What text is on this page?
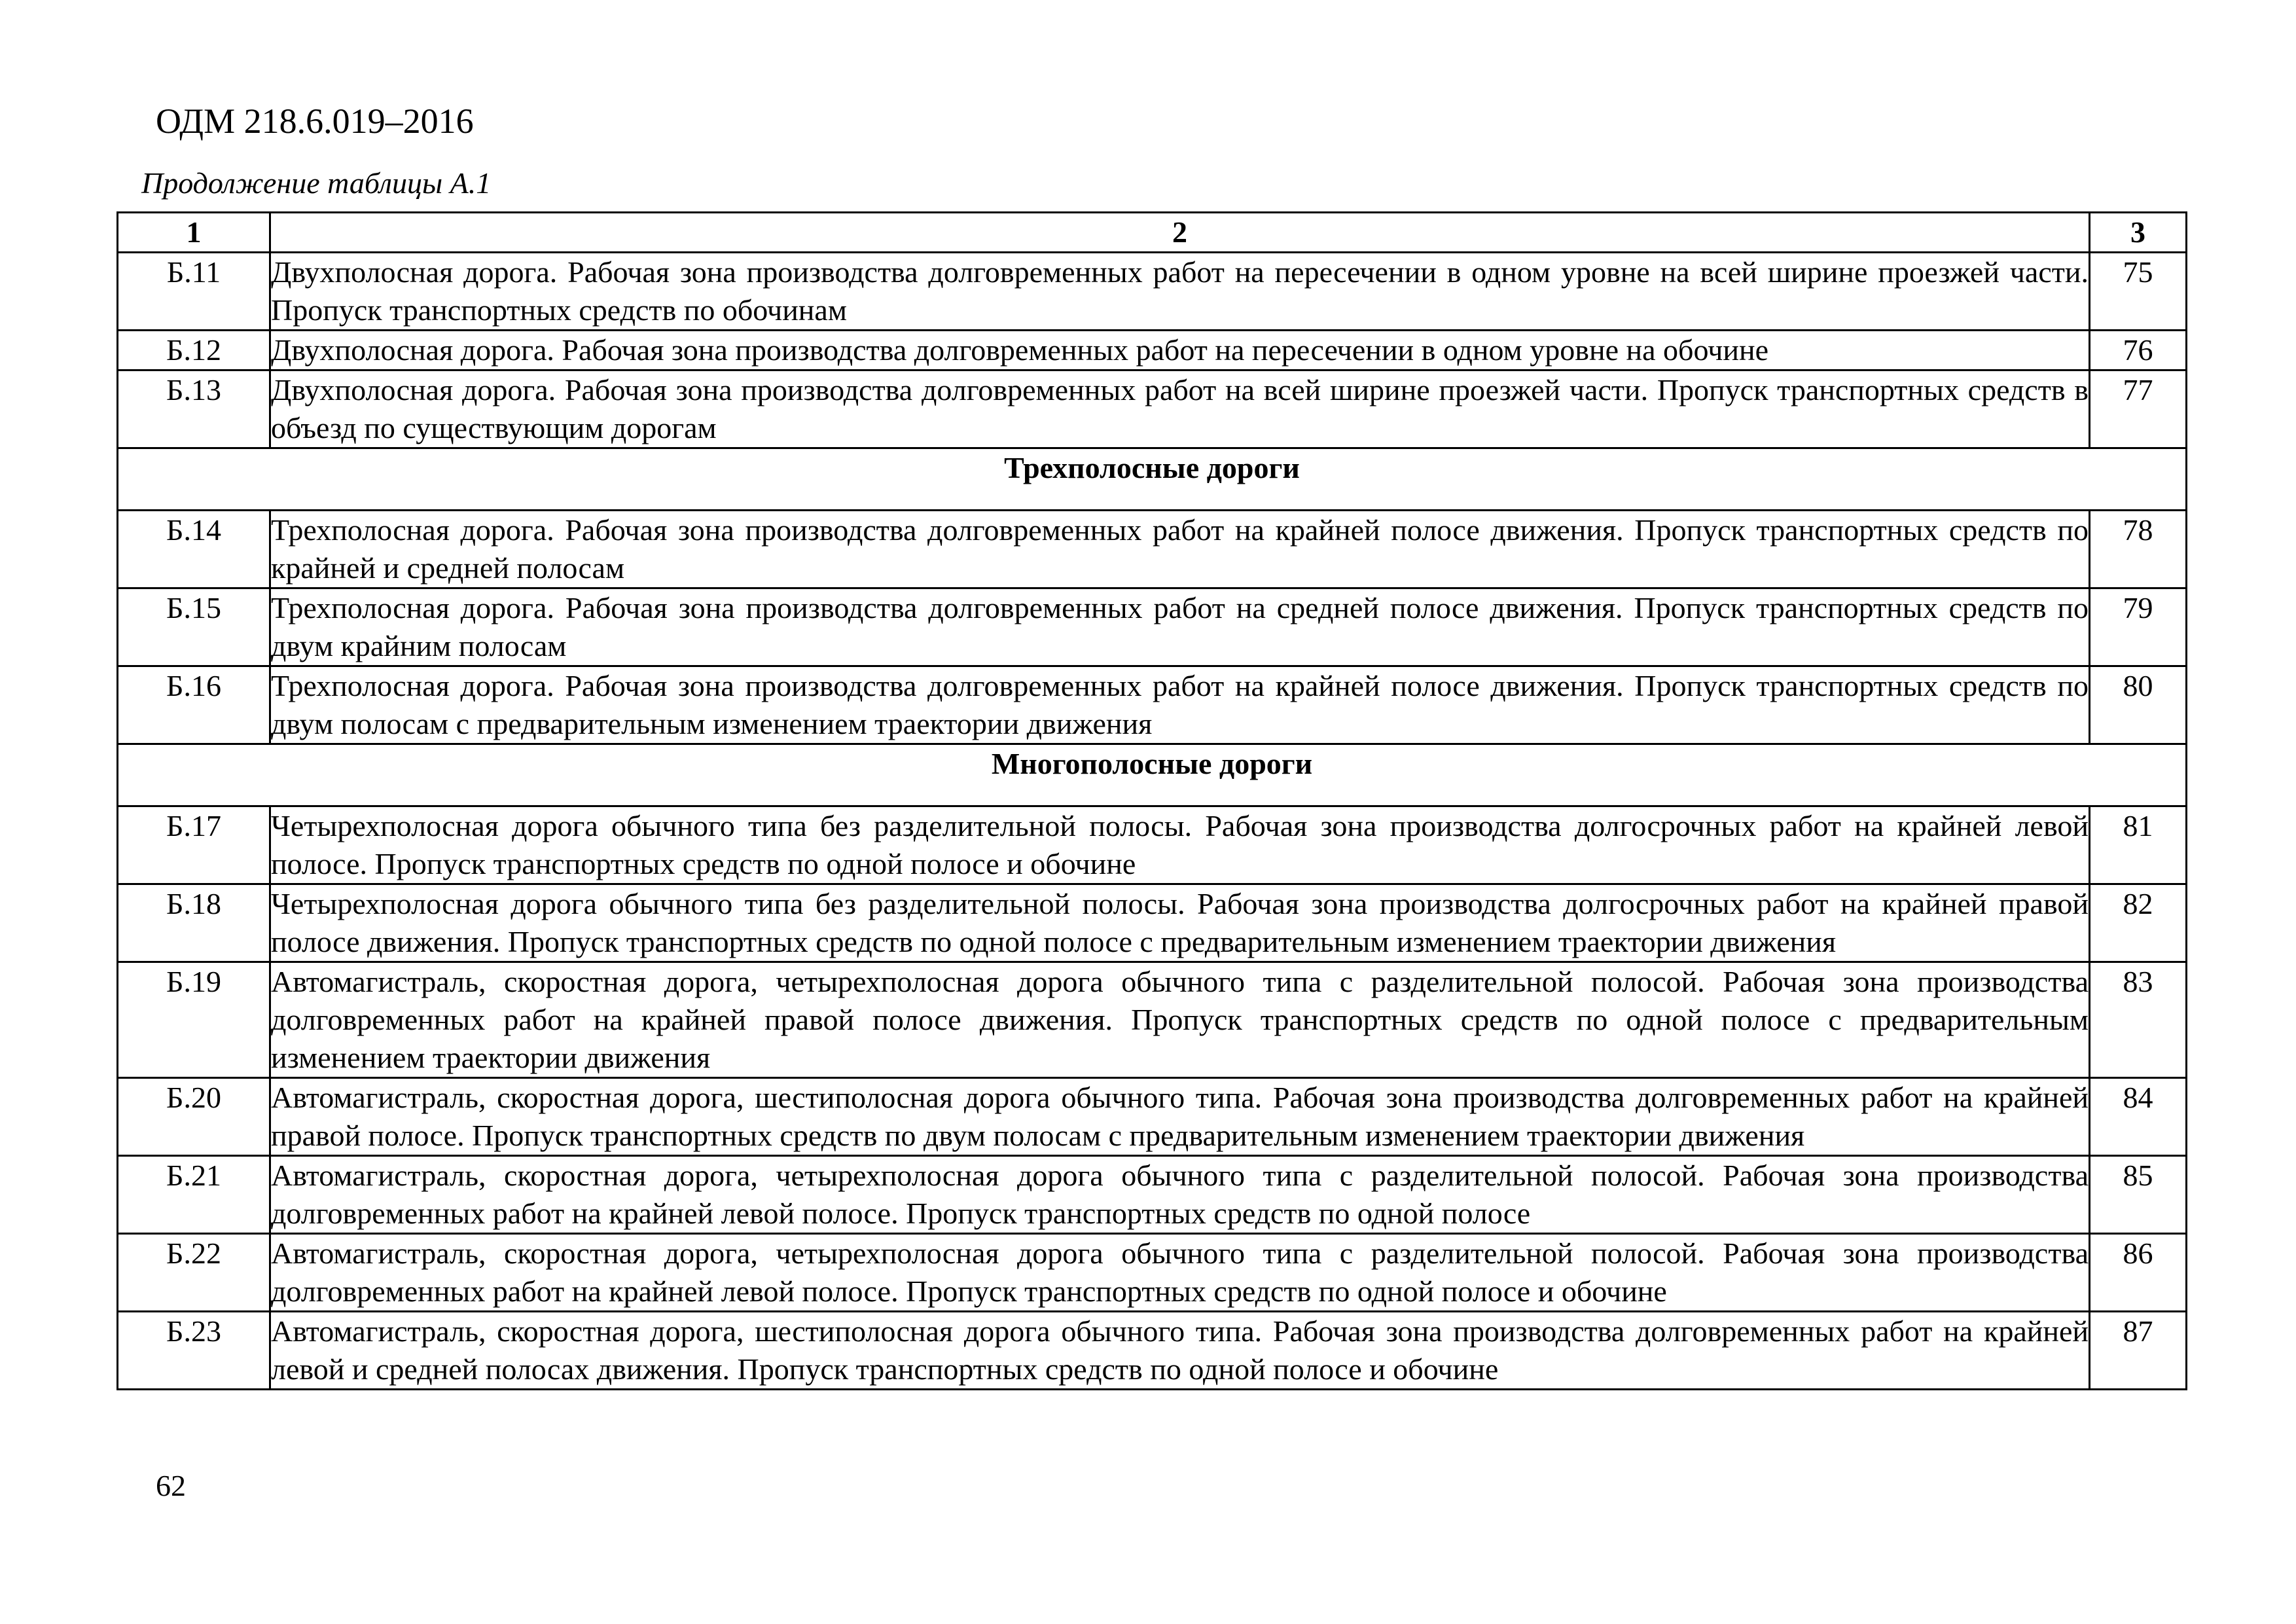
ОДМ 218.6.019–2016
Продолжение таблицы А.1
1	2	3
Б.11	Двухполосная дорога. Рабочая зона производства долговременных работ на пересечении в одном уровне на всей ширине проезжей части. Пропуск транспортных средств по обочинам	75
Б.12	Двухполосная дорога. Рабочая зона производства долговременных работ на пересечении в одном уровне на обочине	76
Б.13	Двухполосная дорога. Рабочая зона производства долговременных работ на всей ширине проезжей части. Пропуск транспортных средств в объезд по существующим дорогам	77
Трехполосные дороги		
Б.14	Трехполосная дорога. Рабочая зона производства долговременных работ на крайней полосе движения. Пропуск транспортных средств по крайней и средней полосам	78
Б.15	Трехполосная дорога. Рабочая зона производства долговременных работ на средней полосе движения. Пропуск транспортных средств по двум крайним полосам	79
Б.16	Трехполосная дорога. Рабочая зона производства долговременных работ на крайней полосе движения. Пропуск транспортных средств по двум полосам с предварительным изменением траектории движения	80
Многополосные дороги		
Б.17	Четырехполосная дорога обычного типа без разделительной полосы. Рабочая зона производства долгосрочных работ на крайней левой полосе. Пропуск транспортных средств по одной полосе и обочине	81
Б.18	Четырехполосная дорога обычного типа без разделительной полосы. Рабочая зона производства долгосрочных работ на крайней правой полосе движения. Пропуск транспортных средств по одной полосе с предварительным изменением траектории движения	82
Б.19	Автомагистраль, скоростная дорога, четырехполосная дорога обычного типа с разделительной полосой. Рабочая зона производства долговременных работ на крайней правой полосе движения. Пропуск транспортных средств по одной полосе с предварительным изменением траектории движения	83
Б.20	Автомагистраль, скоростная дорога, шестиполосная дорога обычного типа. Рабочая зона производства долговременных работ на крайней правой полосе. Пропуск транспортных средств по двум полосам с предварительным изменением траектории движения	84
Б.21	Автомагистраль, скоростная дорога, четырехполосная дорога обычного типа с разделительной полосой. Рабочая зона производства долговременных работ на крайней левой полосе. Пропуск транспортных средств по одной полосе	85
Б.22	Автомагистраль, скоростная дорога, четырехполосная дорога обычного типа с разделительной полосой. Рабочая зона производства долговременных работ на крайней левой полосе. Пропуск транспортных средств по одной полосе и обочине	86
Б.23	Автомагистраль, скоростная дорога, шестиполосная дорога обычного типа. Рабочая зона производства долговременных работ на крайней левой и средней полосах движения. Пропуск транспортных средств по одной полосе и обочине	87
62
